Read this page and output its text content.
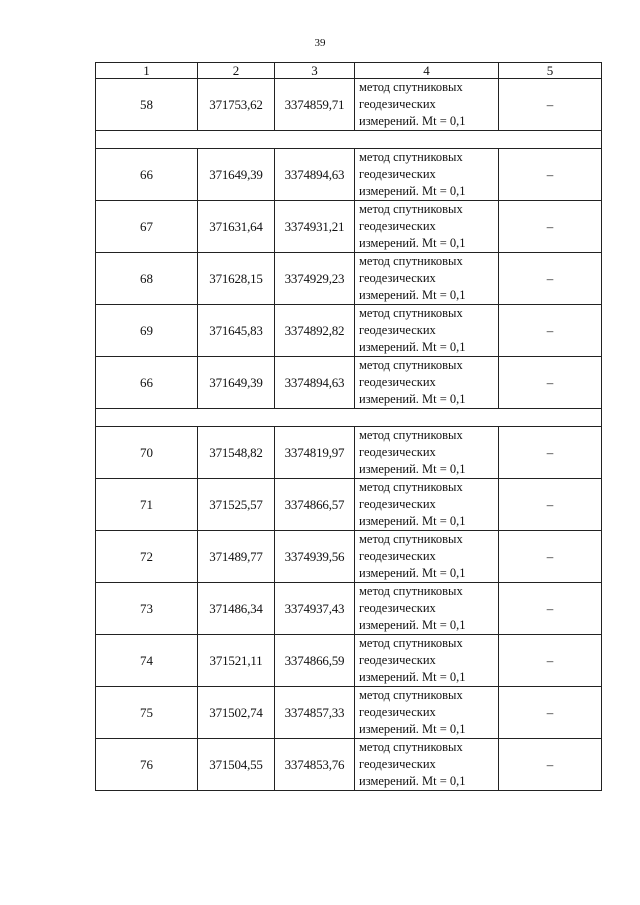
39
1	2	3	4	5
58	371753,62	3374859,71	метод спутниковых
геодезических
измерений. Mt = 0,1	–

66	371649,39	3374894,63	метод спутниковых
геодезических
измерений. Mt = 0,1	–
67	371631,64	3374931,21	метод спутниковых
геодезических
измерений. Mt = 0,1	–
68	371628,15	3374929,23	метод спутниковых
геодезических
измерений. Mt = 0,1	–
69	371645,83	3374892,82	метод спутниковых
геодезических
измерений. Mt = 0,1	–
66	371649,39	3374894,63	метод спутниковых
геодезических
измерений. Mt = 0,1	–

70	371548,82	3374819,97	метод спутниковых
геодезических
измерений. Mt = 0,1	–
71	371525,57	3374866,57	метод спутниковых
геодезических
измерений. Mt = 0,1	–
72	371489,77	3374939,56	метод спутниковых
геодезических
измерений. Mt = 0,1	–
73	371486,34	3374937,43	метод спутниковых
геодезических
измерений. Mt = 0,1	–
74	371521,11	3374866,59	метод спутниковых
геодезических
измерений. Mt = 0,1	–
75	371502,74	3374857,33	метод спутниковых
геодезических
измерений. Mt = 0,1	–
76	371504,55	3374853,76	метод спутниковых
геодезических
измерений. Mt = 0,1	–
